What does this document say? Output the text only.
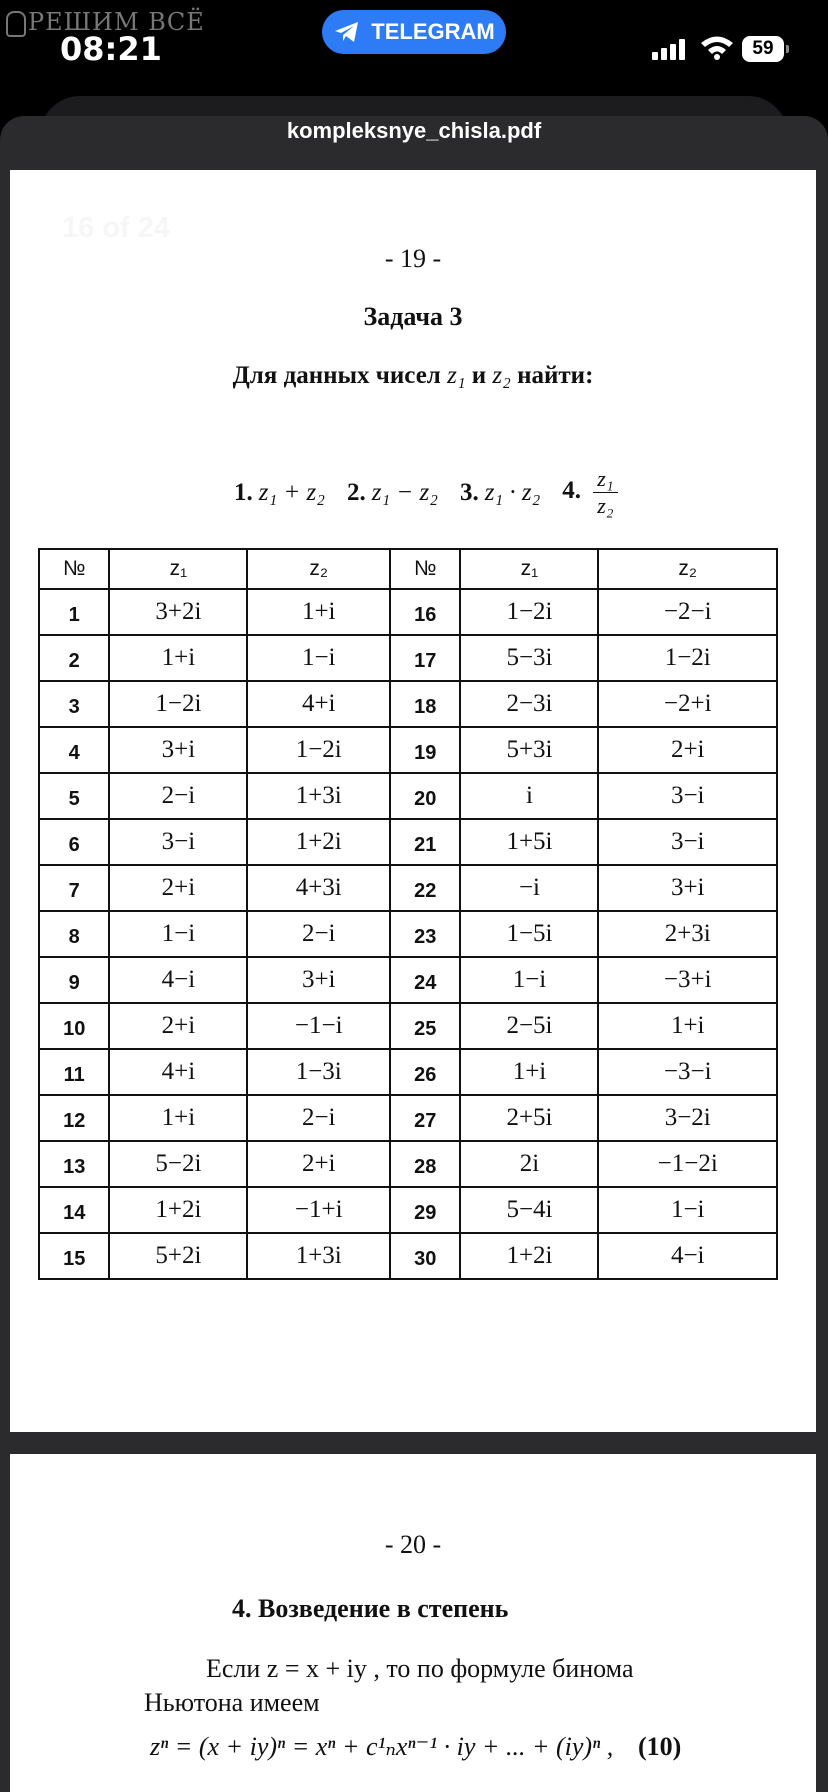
РЕШИМ ВСЁ
08:21	TELEGRAM
59
kompleksnye_chisla.pdf
- 19 -
Задача 3
Для данных чисел z₁ и z₂ найти:
1. z₁ + z₂ 2. z₁ − z₂ 3. z₁ · z₂ 4. $\frac{\text{z₁}}{\text{z₂}}$
№	z₁	z₂	№	z₁	z₂
1	3+2i	1+i	16	1−2i	−2−i
2	1+i	1−i	17	5−3i	1−2i
3	1−2i	4+i	18	2−3i	−2+i
4	3+i	1−2i	19	5+3i	2+i
5	2−i	1+3i	20	i	3−i
6	3−i	1+2i	21	1+5i	3−i
7	2+i	4+3i	22	−i	3+i
8	1−i	2−i	23	1−5i	2+3i
9	4−i	3+i	24	1−i	−3+i
10	2+i	−1−i	25	2−5i	1+i
11	4+i	1−3i	26	1+i	−3−i
12	1+i	2−i	27	2+5i	3−2i
13	5−2i	2+i	28	2i	−1−2i
14	1+2i	−1+i	29	5−4i	1−i
15	5+2i	1+3i	30	1+2i	4−i
16 of 24
- 20 -
4. Возведение в степень
Если z = x + iy , то по формуле бинома
Ньютона имеем
zⁿ = (x + iy)ⁿ = xⁿ + c¹ₙxⁿ⁻¹ · iy + ... + (iy)ⁿ , (10)
